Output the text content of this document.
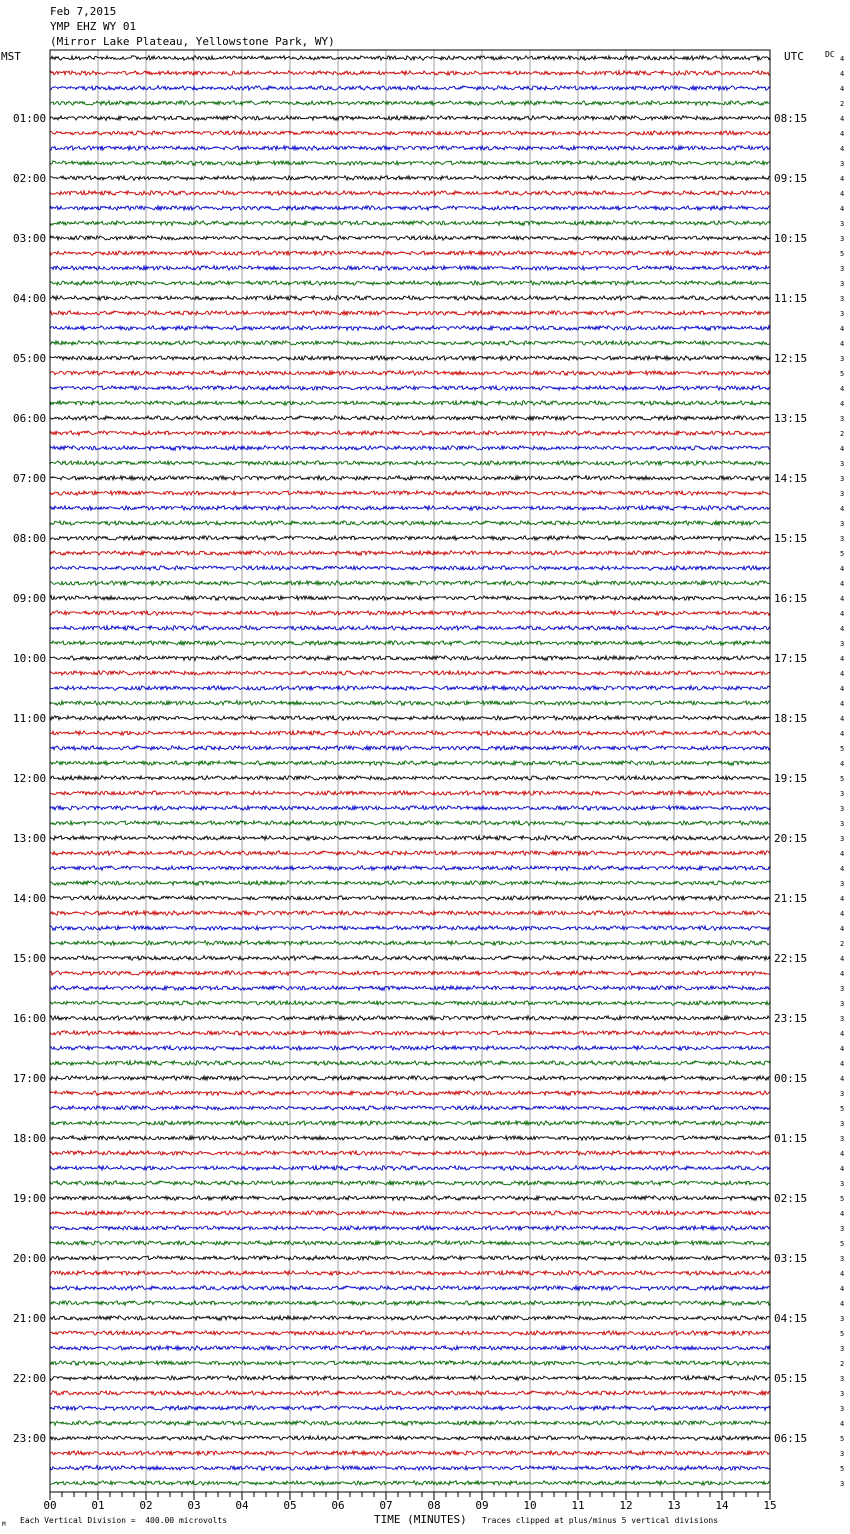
Feb 7,2015
YMP EHZ WY 01
(Mirror Lake Plateau, Yellowstone Park, WY)
MST	UTC	DC 4
4
4
2
4
4
4
3
4
4
4
3
3
5
3
3
3
3
4
4
3
5
4
4
3
2
4
3
3
3
4
3
3
5
4
4
4
4
4
3
4
4
4
4
4
4
5
4
5
3
3
3
3
4
4
3
4
4
4
2
4
4
3
3
3
4
4
4
4
3
5
3
3
4
4
3
5
4
3
5
3
4
4
4
3
5
3
2
3
3
3
4
5
3
5
3
01:00	08:15
02:00	09:15
03:00	10:15
04:00	11:15
05:00	12:15
06:00	13:15
07:00	14:15
08:00	15:15
09:00	16:15
10:00	17:15
11:00	18:15
12:00	19:15
13:00	20:15
14:00	21:15
15:00	22:15
16:00	23:15
17:00	00:15
18:00	01:15
19:00	02:15
20:00	03:15
21:00	04:15
22:00	05:15
23:00	06:15
00	01	02	03	04	05	06	07	08	09	10	11	12	13	14	15
M Each Vertical Division =  400.00 microvolts	TIME (MINUTES) Traces clipped at plus/minus 5 vertical divisions
